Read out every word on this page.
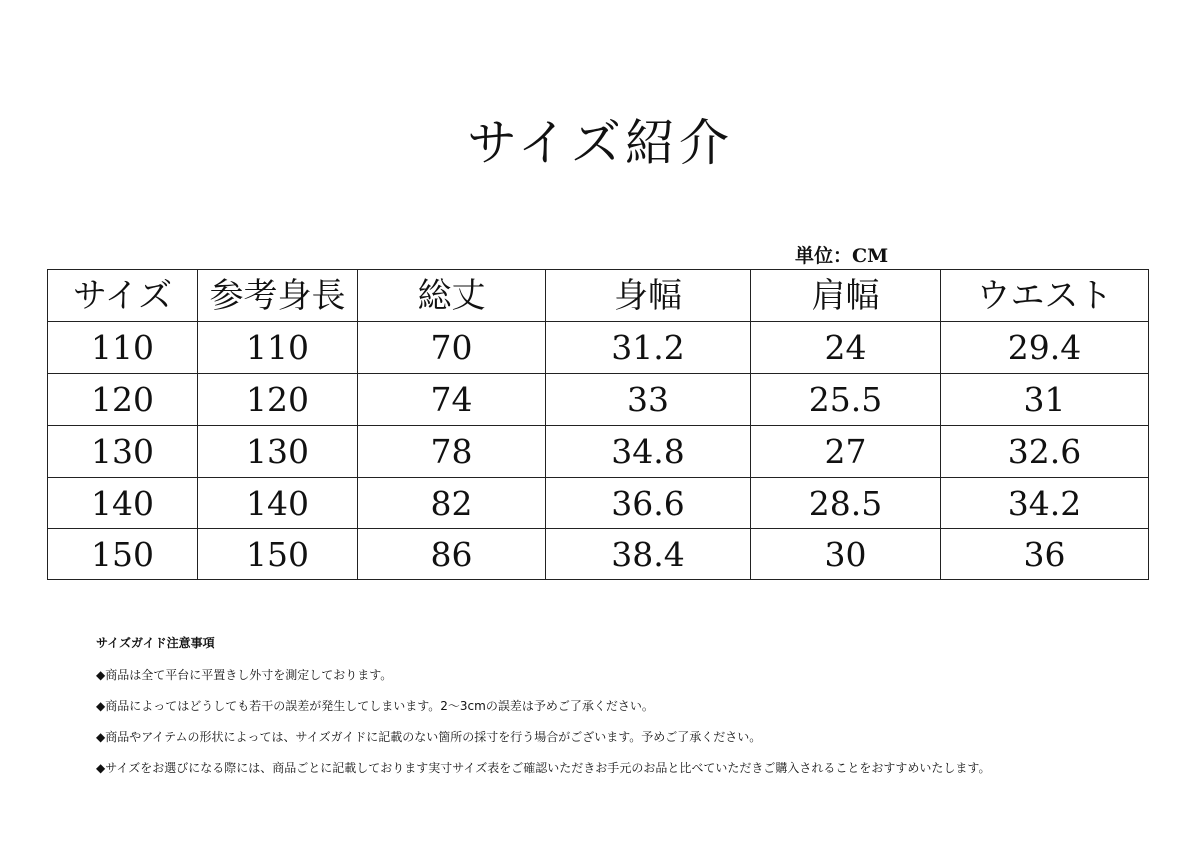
サイズ紹介
単位：CM
サイズ	参考身長	総丈	身幅	肩幅	ウエスト
110	110	70	31.2	24	29.4
120	120	74	33	25.5	31
130	130	78	34.8	27	32.6
140	140	82	36.6	28.5	34.2
150	150	86	38.4	30	36
サイズガイド注意事項
◆商品は全て平台に平置きし外寸を測定しております。
◆商品によってはどうしても若干の誤差が発生してしまいます。2～3cmの誤差は予めご了承ください。
◆商品やアイテムの形状によっては、サイズガイドに記載のない箇所の採寸を行う場合がございます。予めご了承ください。
◆サイズをお選びになる際には、商品ごとに記載しております実寸サイズ表をご確認いただきお手元のお品と比べていただきご購入されることをおすすめいたします。
